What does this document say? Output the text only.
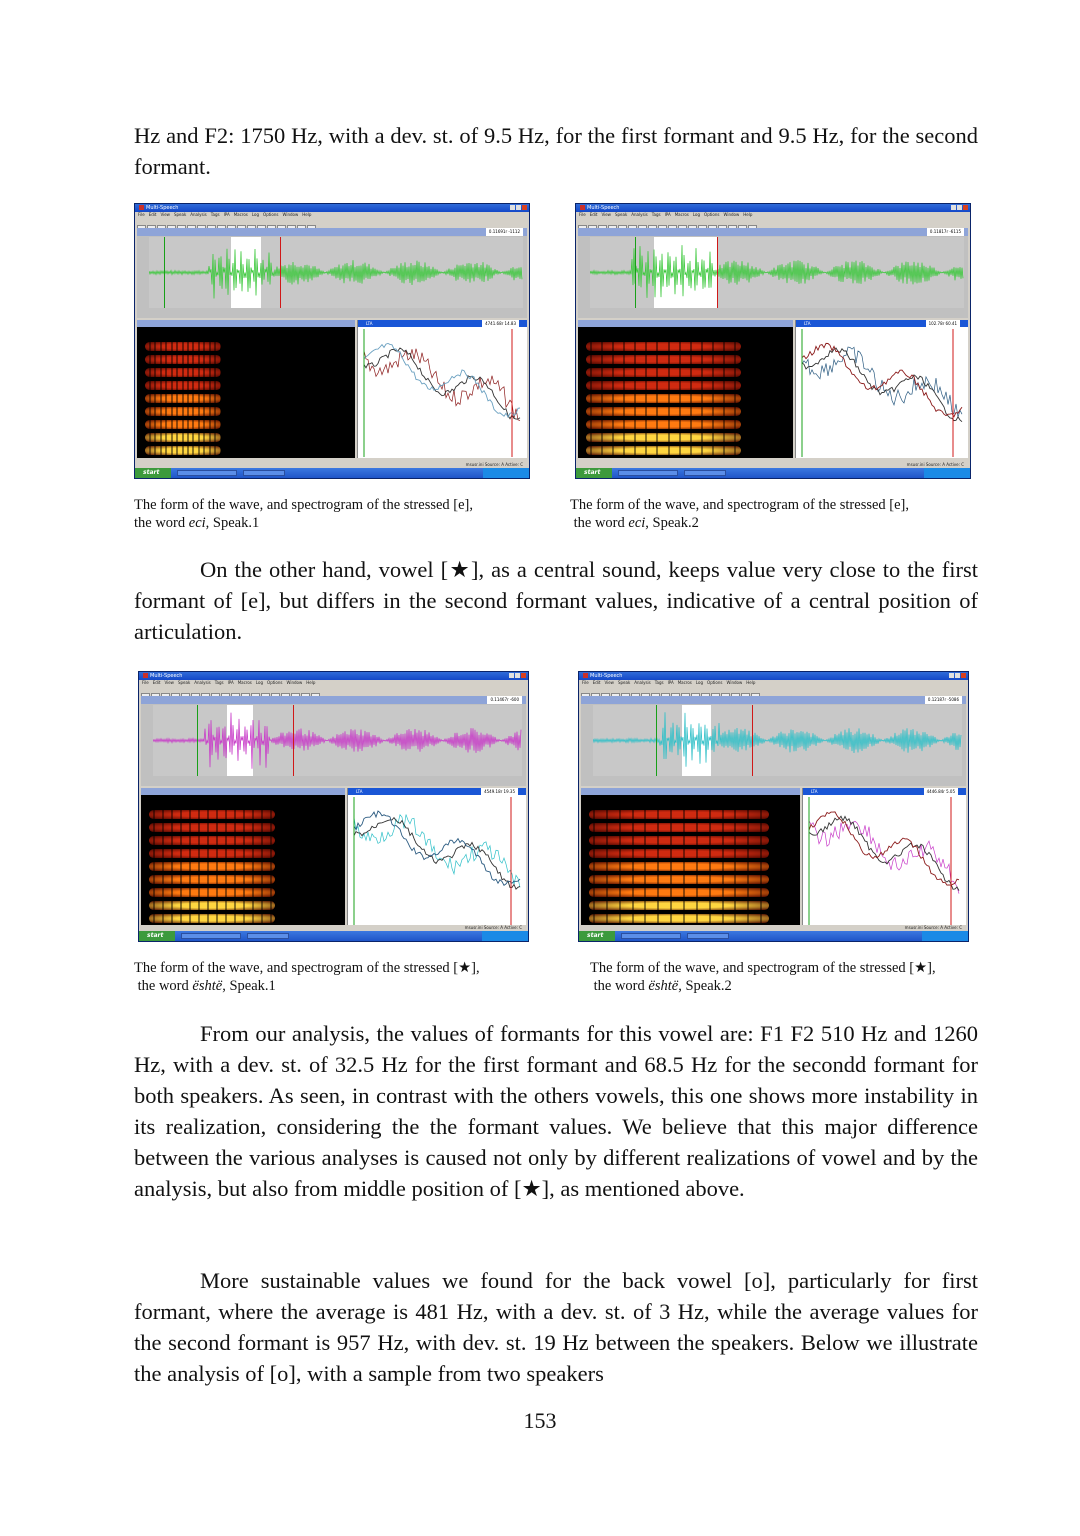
Hz and F2: 1750 Hz, with a dev. st. of 9.5 Hz, for the first formant and 9.5 Hz, for the second formant.

Multi-Speech
File Edit View Speak Analysis Tags IPA Macros Log Options Window Help
0.11691r -1112
LTA	4741.68r 14.83
msusr.ini Source: A Active: C
start
Multi-Speech
File Edit View Speak Analysis Tags IPA Macros Log Options Window Help
0.11817r -6115
LTA	102.78r 60.41
msusr.ini Source: A Active: C
start
The form of the wave, and spectrogram of the stressed [e],
the word eci, Speak.1
The form of the wave, and spectrogram of the stressed [e],
the word eci, Speak.2

On the other hand, vowel [★], as a central sound, keeps value very close to the first formant of [e], but differs in the second formant values, indicative of a central position of articulation.

Multi-Speech
File Edit View Speak Analysis Tags IPA Macros Log Options Window Help
0.11467r -600
LTA	4549.18r 19.35
msusr.ini Source: A Active: C
start
Multi-Speech
File Edit View Speak Analysis Tags IPA Macros Log Options Window Help
0.12187r -5086
LTA	4446.84r 5.05
msusr.ini Source: A Active: C
start
The form of the wave, and spectrogram of the stressed [★],
the word është, Speak.1
The form of the wave, and spectrogram of the stressed [★],
the word është, Speak.2

From our analysis, the values of formants for this vowel are: F1 F2 510 Hz and 1260 Hz, with a dev. st. of 32.5 Hz for the first formant and 68.5 Hz for the secondd formant for both speakers. As seen, in contrast with the others vowels, this one shows more instability in its realization, considering the the formant values. We believe that this major difference between the various analyses is caused not only by different realizations of vowel and by the analysis, but also from middle position of [★], as mentioned above.

More sustainable values we found for the back vowel [o], particularly for first formant, where the average is 481 Hz, with a dev. st. of 3 Hz, while the average values for the second formant is 957 Hz, with dev. st. 19 Hz between the speakers. Below we illustrate the analysis of [o], with a sample from two speakers

153
